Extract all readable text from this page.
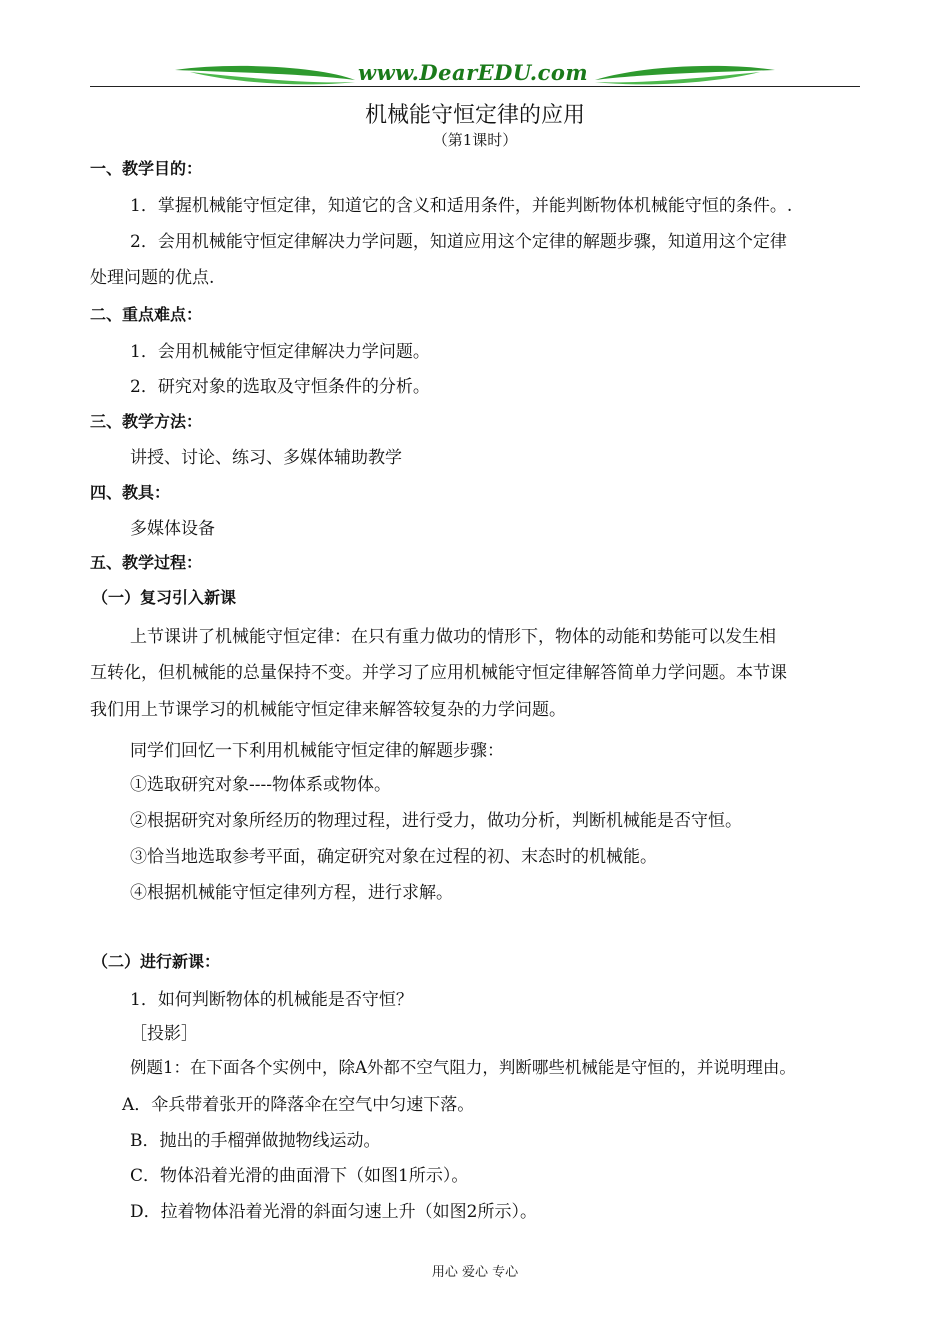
www.DearEDU.com
机械能守恒定律的应用
（第1课时）
一、教学目的：
1．掌握机械能守恒定律，知道它的含义和适用条件，并能判断物体机械能守恒的条件。.
2．会用机械能守恒定律解决力学问题，知道应用这个定律的解题步骤，知道用这个定律
处理问题的优点.
二、重点难点：
1．会用机械能守恒定律解决力学问题。
2．研究对象的选取及守恒条件的分析。
三、教学方法：
讲授、讨论、练习、多媒体辅助教学
四、教具：
多媒体设备
五、教学过程：
（一）复习引入新课
上节课讲了机械能守恒定律：在只有重力做功的情形下，物体的动能和势能可以发生相
互转化，但机械能的总量保持不变。并学习了应用机械能守恒定律解答简单力学问题。本节课
我们用上节课学习的机械能守恒定律来解答较复杂的力学问题。
同学们回忆一下利用机械能守恒定律的解题步骤：
①选取研究对象----物体系或物体。
②根据研究对象所经历的物理过程，进行受力，做功分析，判断机械能是否守恒。
③恰当地选取参考平面，确定研究对象在过程的初、末态时的机械能。
④根据机械能守恒定律列方程，进行求解。
（二）进行新课：
1．如何判断物体的机械能是否守恒？
［投影］
例题1：在下面各个实例中，除A外都不空气阻力，判断哪些机械能是守恒的，并说明理由。
A．伞兵带着张开的降落伞在空气中匀速下落。
B．抛出的手榴弹做抛物线运动。
C．物体沿着光滑的曲面滑下（如图1所示）。
D．拉着物体沿着光滑的斜面匀速上升（如图2所示）。
用心 爱心 专心
